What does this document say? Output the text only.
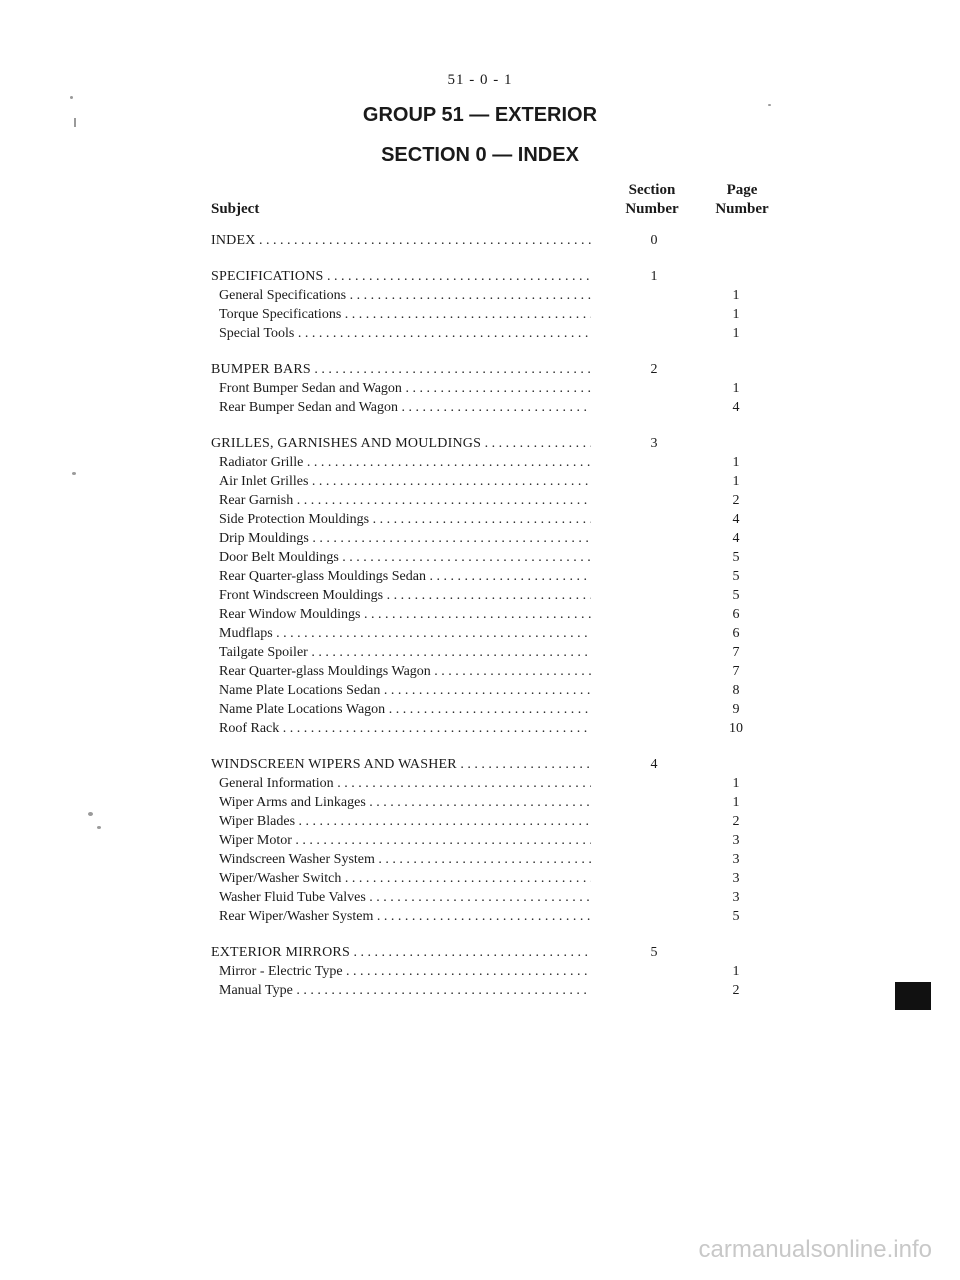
51 - 0 - 1
GROUP 51 — EXTERIOR
SECTION 0 — INDEX
Subject
Section
Number
Page
Number
INDEX . . .	0
SPECIFICATIONS . . .	1
General Specifications . . .	1
Torque Specifications . . .	1
Special Tools . . .	1
BUMPER BARS . . .	2
Front Bumper Sedan and Wagon . . .	1
Rear Bumper Sedan and Wagon . . .	4
GRILLES, GARNISHES AND MOULDINGS . . .	3
Radiator Grille . . .	1
Air Inlet Grilles . . .	1
Rear Garnish . . .	2
Side Protection Mouldings . . .	4
Drip Mouldings . . .	4
Door Belt Mouldings . . .	5
Rear Quarter-glass Mouldings Sedan . . .	5
Front Windscreen Mouldings . . .	5
Rear Window Mouldings . . .	6
Mudflaps . . .	6
Tailgate Spoiler . . .	7
Rear Quarter-glass Mouldings Wagon . . .	7
Name Plate Locations Sedan . . .	8
Name Plate Locations Wagon . . .	9
Roof Rack . . .	10
WINDSCREEN WIPERS AND WASHER . . .	4
General Information . . .	1
Wiper Arms and Linkages . . .	1
Wiper Blades . . .	2
Wiper Motor . . .	3
Windscreen Washer System . . .	3
Wiper/Washer Switch . . .	3
Washer Fluid Tube Valves . . .	3
Rear Wiper/Washer System . . .	5
EXTERIOR MIRRORS . . .	5
Mirror - Electric Type . . .	1
Manual Type . . .	2
carmanualsonline.info
